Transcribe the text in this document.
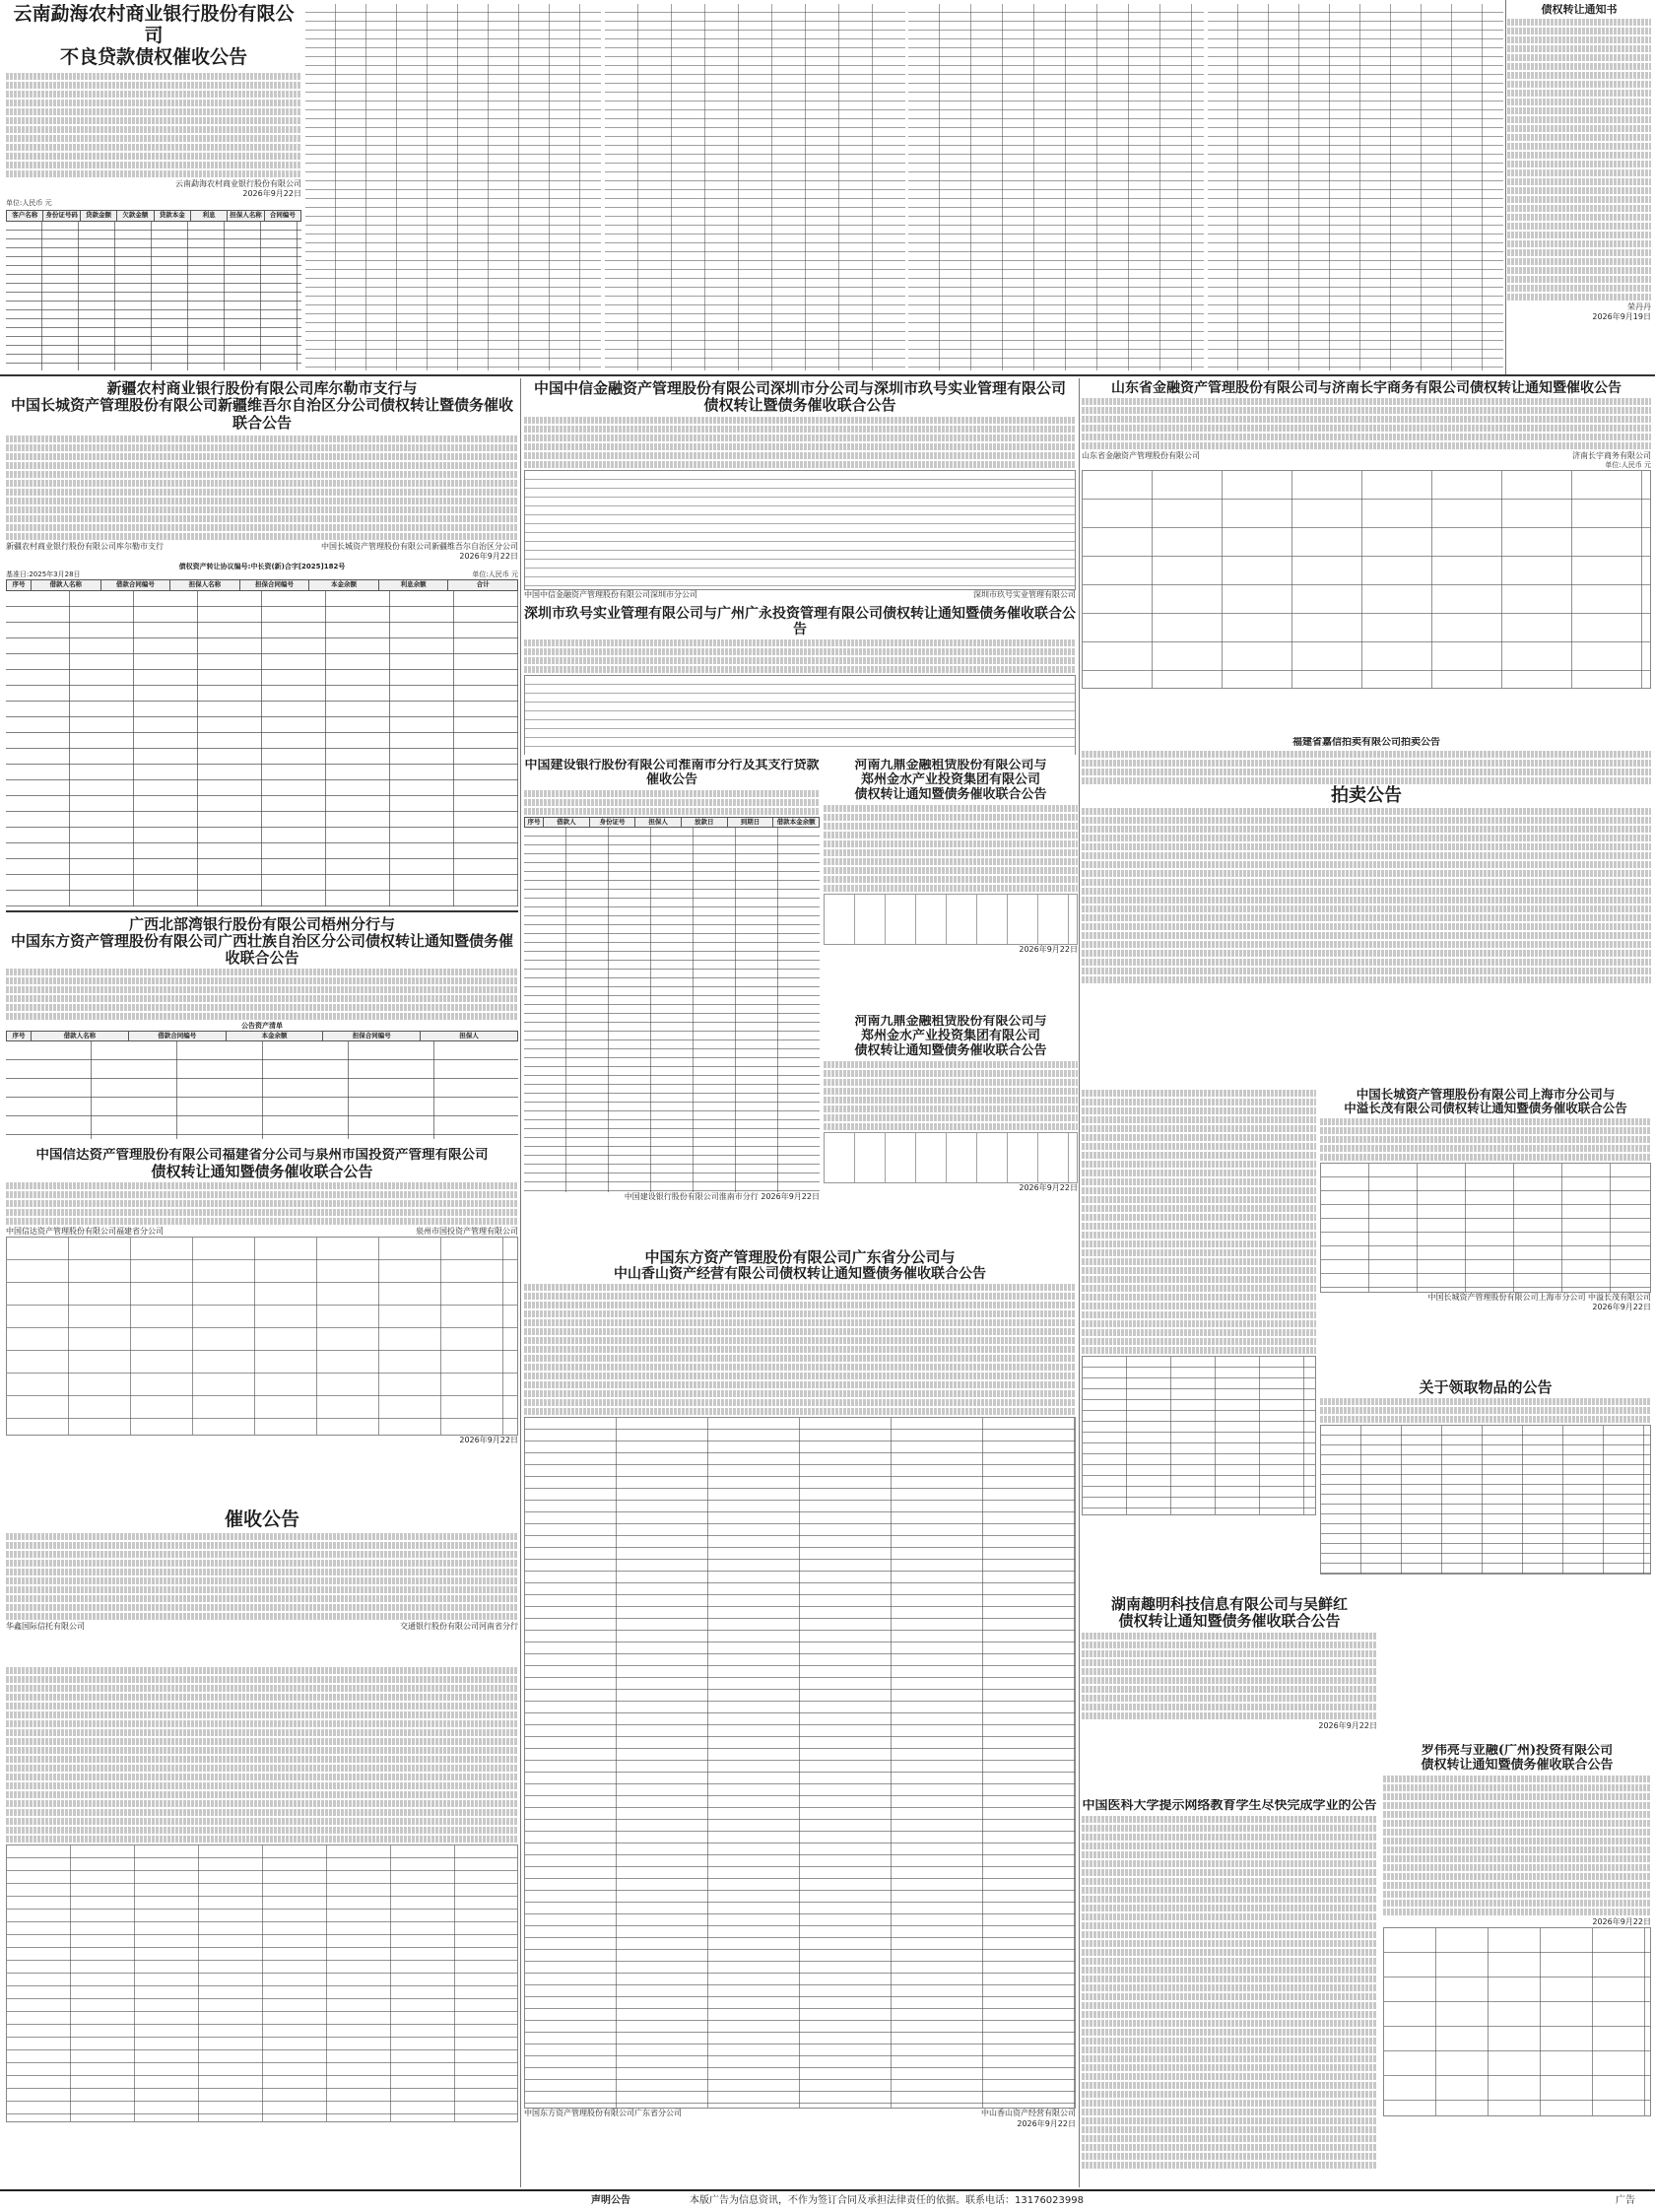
云南勐海农村商业银行股份有限公司
不良贷款债权催收公告
云南勐海农村商业银行股份有限公司
2026年9月22日
单位:人民币 元
客户名称	身份证号码	贷款金额	欠款金额	贷款本金	利息	担保人名称	合同编号
债权转让通知书
荣丹丹
2026年9月19日
新疆农村商业银行股份有限公司库尔勒市支行与
中国长城资产管理股份有限公司新疆维吾尔自治区分公司债权转让暨债务催收联合公告
新疆农村商业银行股份有限公司库尔勒市支行	中国长城资产管理股份有限公司新疆维吾尔自治区分公司
2026年9月22日
债权资产转让协议编号:中长资(新)合字[2025]182号
基准日:2025年3月28日	单位:人民币 元
序号	借款人名称	借款合同编号	担保人名称	担保合同编号	本金余额	利息余额	合计
广西北部湾银行股份有限公司梧州分行与
中国东方资产管理股份有限公司广西壮族自治区分公司债权转让通知暨债务催收联合公告
公告资产清单
序号	借款人名称	借款合同编号	本金余额	担保合同编号	担保人
中国中信金融资产管理股份有限公司深圳市分公司与深圳市玖号实业管理有限公司
债权转让暨债务催收联合公告
中国中信金融资产管理股份有限公司深圳市分公司	深圳市玖号实业管理有限公司
深圳市玖号实业管理有限公司与广州广永投资管理有限公司债权转让通知暨债务催收联合公告
山东省金融资产管理股份有限公司与济南长宇商务有限公司债权转让通知暨催收公告
山东省金融资产管理股份有限公司	济南长宇商务有限公司
单位:人民币 元
福建省嘉信拍卖有限公司拍卖公告
拍卖公告
中国建设银行股份有限公司淮南市分行及其支行贷款催收公告
序号	借款人	身份证号	担保人	放款日	到期日	借款本金余额
中国建设银行股份有限公司淮南市分行 2026年9月22日
河南九鼎金融租赁股份有限公司与
郑州金水产业投资集团有限公司
债权转让通知暨债务催收联合公告
2026年9月22日
河南九鼎金融租赁股份有限公司与
郑州金水产业投资集团有限公司
债权转让通知暨债务催收联合公告
2026年9月22日
中国长城资产管理股份有限公司上海市分公司与
中溢长茂有限公司债权转让通知暨债务催收联合公告
中国长城资产管理股份有限公司上海市分公司 中溢长茂有限公司
2026年9月22日
关于领取物品的公告
中国信达资产管理股份有限公司福建省分公司与泉州市国投资产管理有限公司
债权转让通知暨债务催收联合公告
中国信达资产管理股份有限公司福建省分公司	泉州市国投资产管理有限公司
2026年9月22日
催收公告
华鑫国际信托有限公司	交通银行股份有限公司河南省分行
中国东方资产管理股份有限公司广东省分公司与
中山香山资产经营有限公司债权转让通知暨债务催收联合公告
中国东方资产管理股份有限公司广东省分公司	中山香山资产经营有限公司
2026年9月22日
湖南趣明科技信息有限公司与吴鲜红
债权转让通知暨债务催收联合公告
2026年9月22日
中国医科大学提示网络教育学生尽快完成学业的公告
罗伟亮与亚融(广州)投资有限公司
债权转让通知暨债务催收联合公告
2026年9月22日
声明公告	本版广告为信息资讯，不作为签订合同及承担法律责任的依据。联系电话：13176023998	广告
